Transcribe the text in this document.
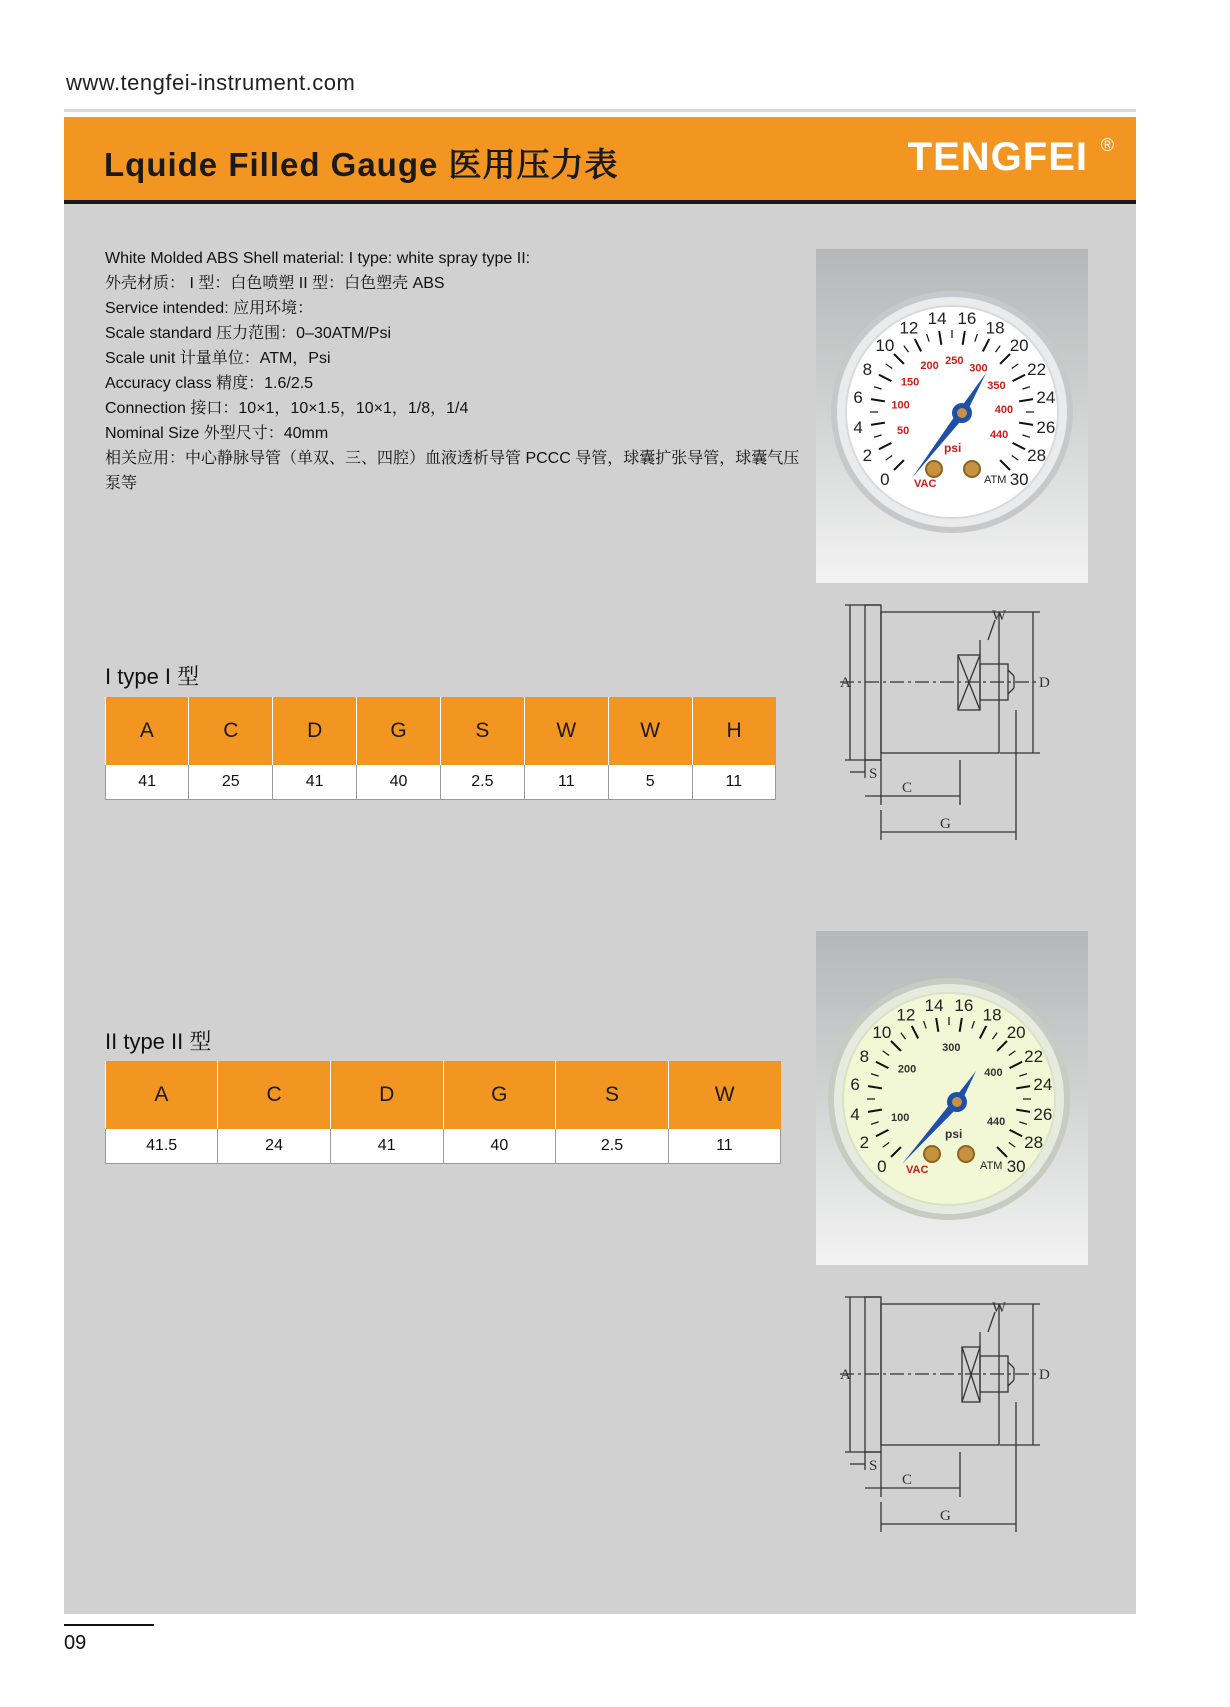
www.tengfei-instrument.com
Lquide Filled Gauge 医用压力表	TENGFEI ®
White Molded ABS Shell material: I type: white spray type II:
外壳材质： I 型：白色喷塑 II 型：白色塑壳 ABS
Service intended: 应用环境：
Scale standard 压力范围：0–30ATM/Psi
Scale unit 计量单位：ATM，Psi
Accuracy class 精度：1.6/2.5
Connection 接口：10×1，10×1.5，10×1，1/8，1/4
Nominal Size 外型尺寸：40mm
相关应用：中心静脉导管（单双、三、四腔）血液透析导管 PCCC 导管，球囊扩张导管，球囊气压泵等	0
2
4
6
8
10
12 14 16 18
20
22
24
26
28
30
50
100
150
200 250
300
350
400
440
VAC
psi
ATM
A	D
W
S
C
G
I type I 型
A	C	D	G	S	W	W	H
41	25	41	40	2.5	11	5	11
0
2
4
6
8
10
12 14 16 18
20
22
24
26
28
30
100
200
300
400
440
VAC
psi
ATM
A	D
W
S
C
G
II type II 型
A	C	D	G	S	W
41.5	24	41	40	2.5	11
09
